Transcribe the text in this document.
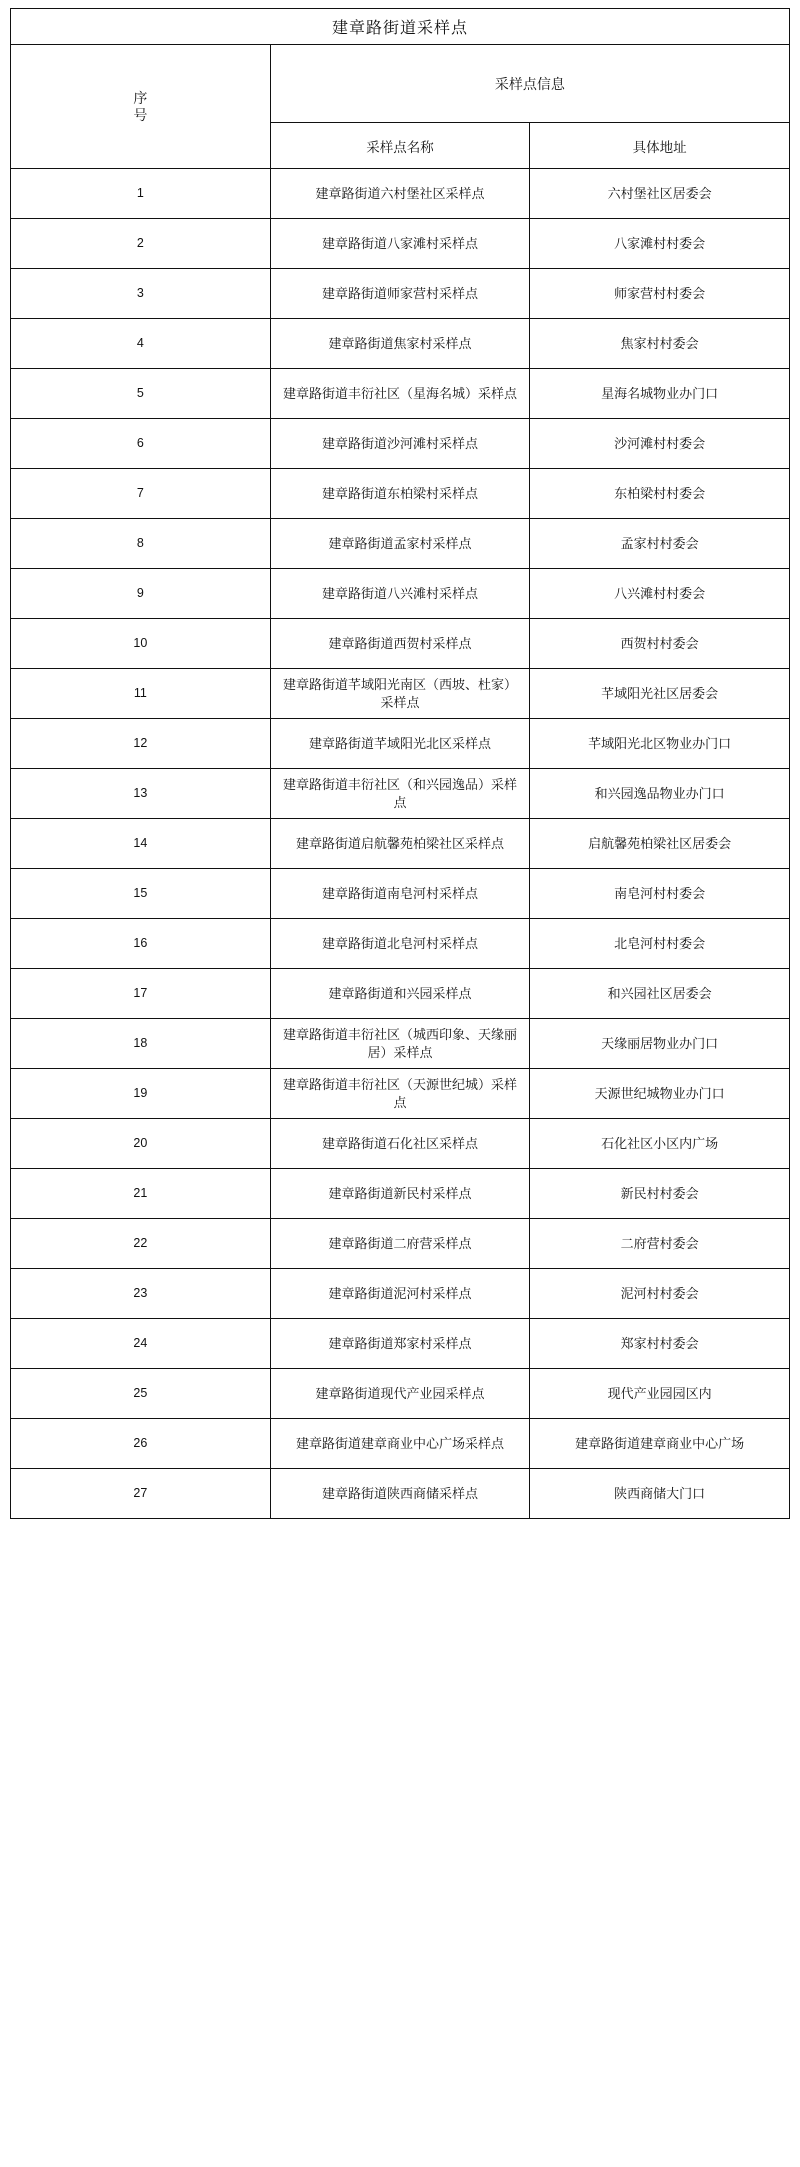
建章路街道采样点		

序
号	采样点信息	
	采样点名称	具体地址
1	建章路街道六村堡社区采样点	六村堡社区居委会
2	建章路街道八家滩村采样点	八家滩村村委会
3	建章路街道师家营村采样点	师家营村村委会
4	建章路街道焦家村采样点	焦家村村委会
5	建章路街道丰衍社区（星海名城）采样点	星海名城物业办门口
6	建章路街道沙河滩村采样点	沙河滩村村委会
7	建章路街道东柏梁村采样点	东柏梁村村委会
8	建章路街道孟家村采样点	孟家村村委会
9	建章路街道八兴滩村采样点	八兴滩村村委会
10	建章路街道西贺村采样点	西贺村村委会
11	建章路街道芊域阳光南区（西坡、杜家）采样点	芊域阳光社区居委会
12	建章路街道芊域阳光北区采样点	芊域阳光北区物业办门口
13	建章路街道丰衍社区（和兴园逸品）采样点	和兴园逸品物业办门口
14	建章路街道启航馨苑柏梁社区采样点	启航馨苑柏梁社区居委会
15	建章路街道南皂河村采样点	南皂河村村委会
16	建章路街道北皂河村采样点	北皂河村村委会
17	建章路街道和兴园采样点	和兴园社区居委会
18	建章路街道丰衍社区（城西印象、天缘丽居）采样点	天缘丽居物业办门口
19	建章路街道丰衍社区（天源世纪城）采样点	天源世纪城物业办门口
20	建章路街道石化社区采样点	石化社区小区内广场
21	建章路街道新民村采样点	新民村村委会
22	建章路街道二府营采样点	二府营村委会
23	建章路街道泥河村采样点	泥河村村委会
24	建章路街道郑家村采样点	郑家村村委会
25	建章路街道现代产业园采样点	现代产业园园区内
26	建章路街道建章商业中心广场采样点	建章路街道建章商业中心广场
27	建章路街道陕西商储采样点	陕西商储大门口
